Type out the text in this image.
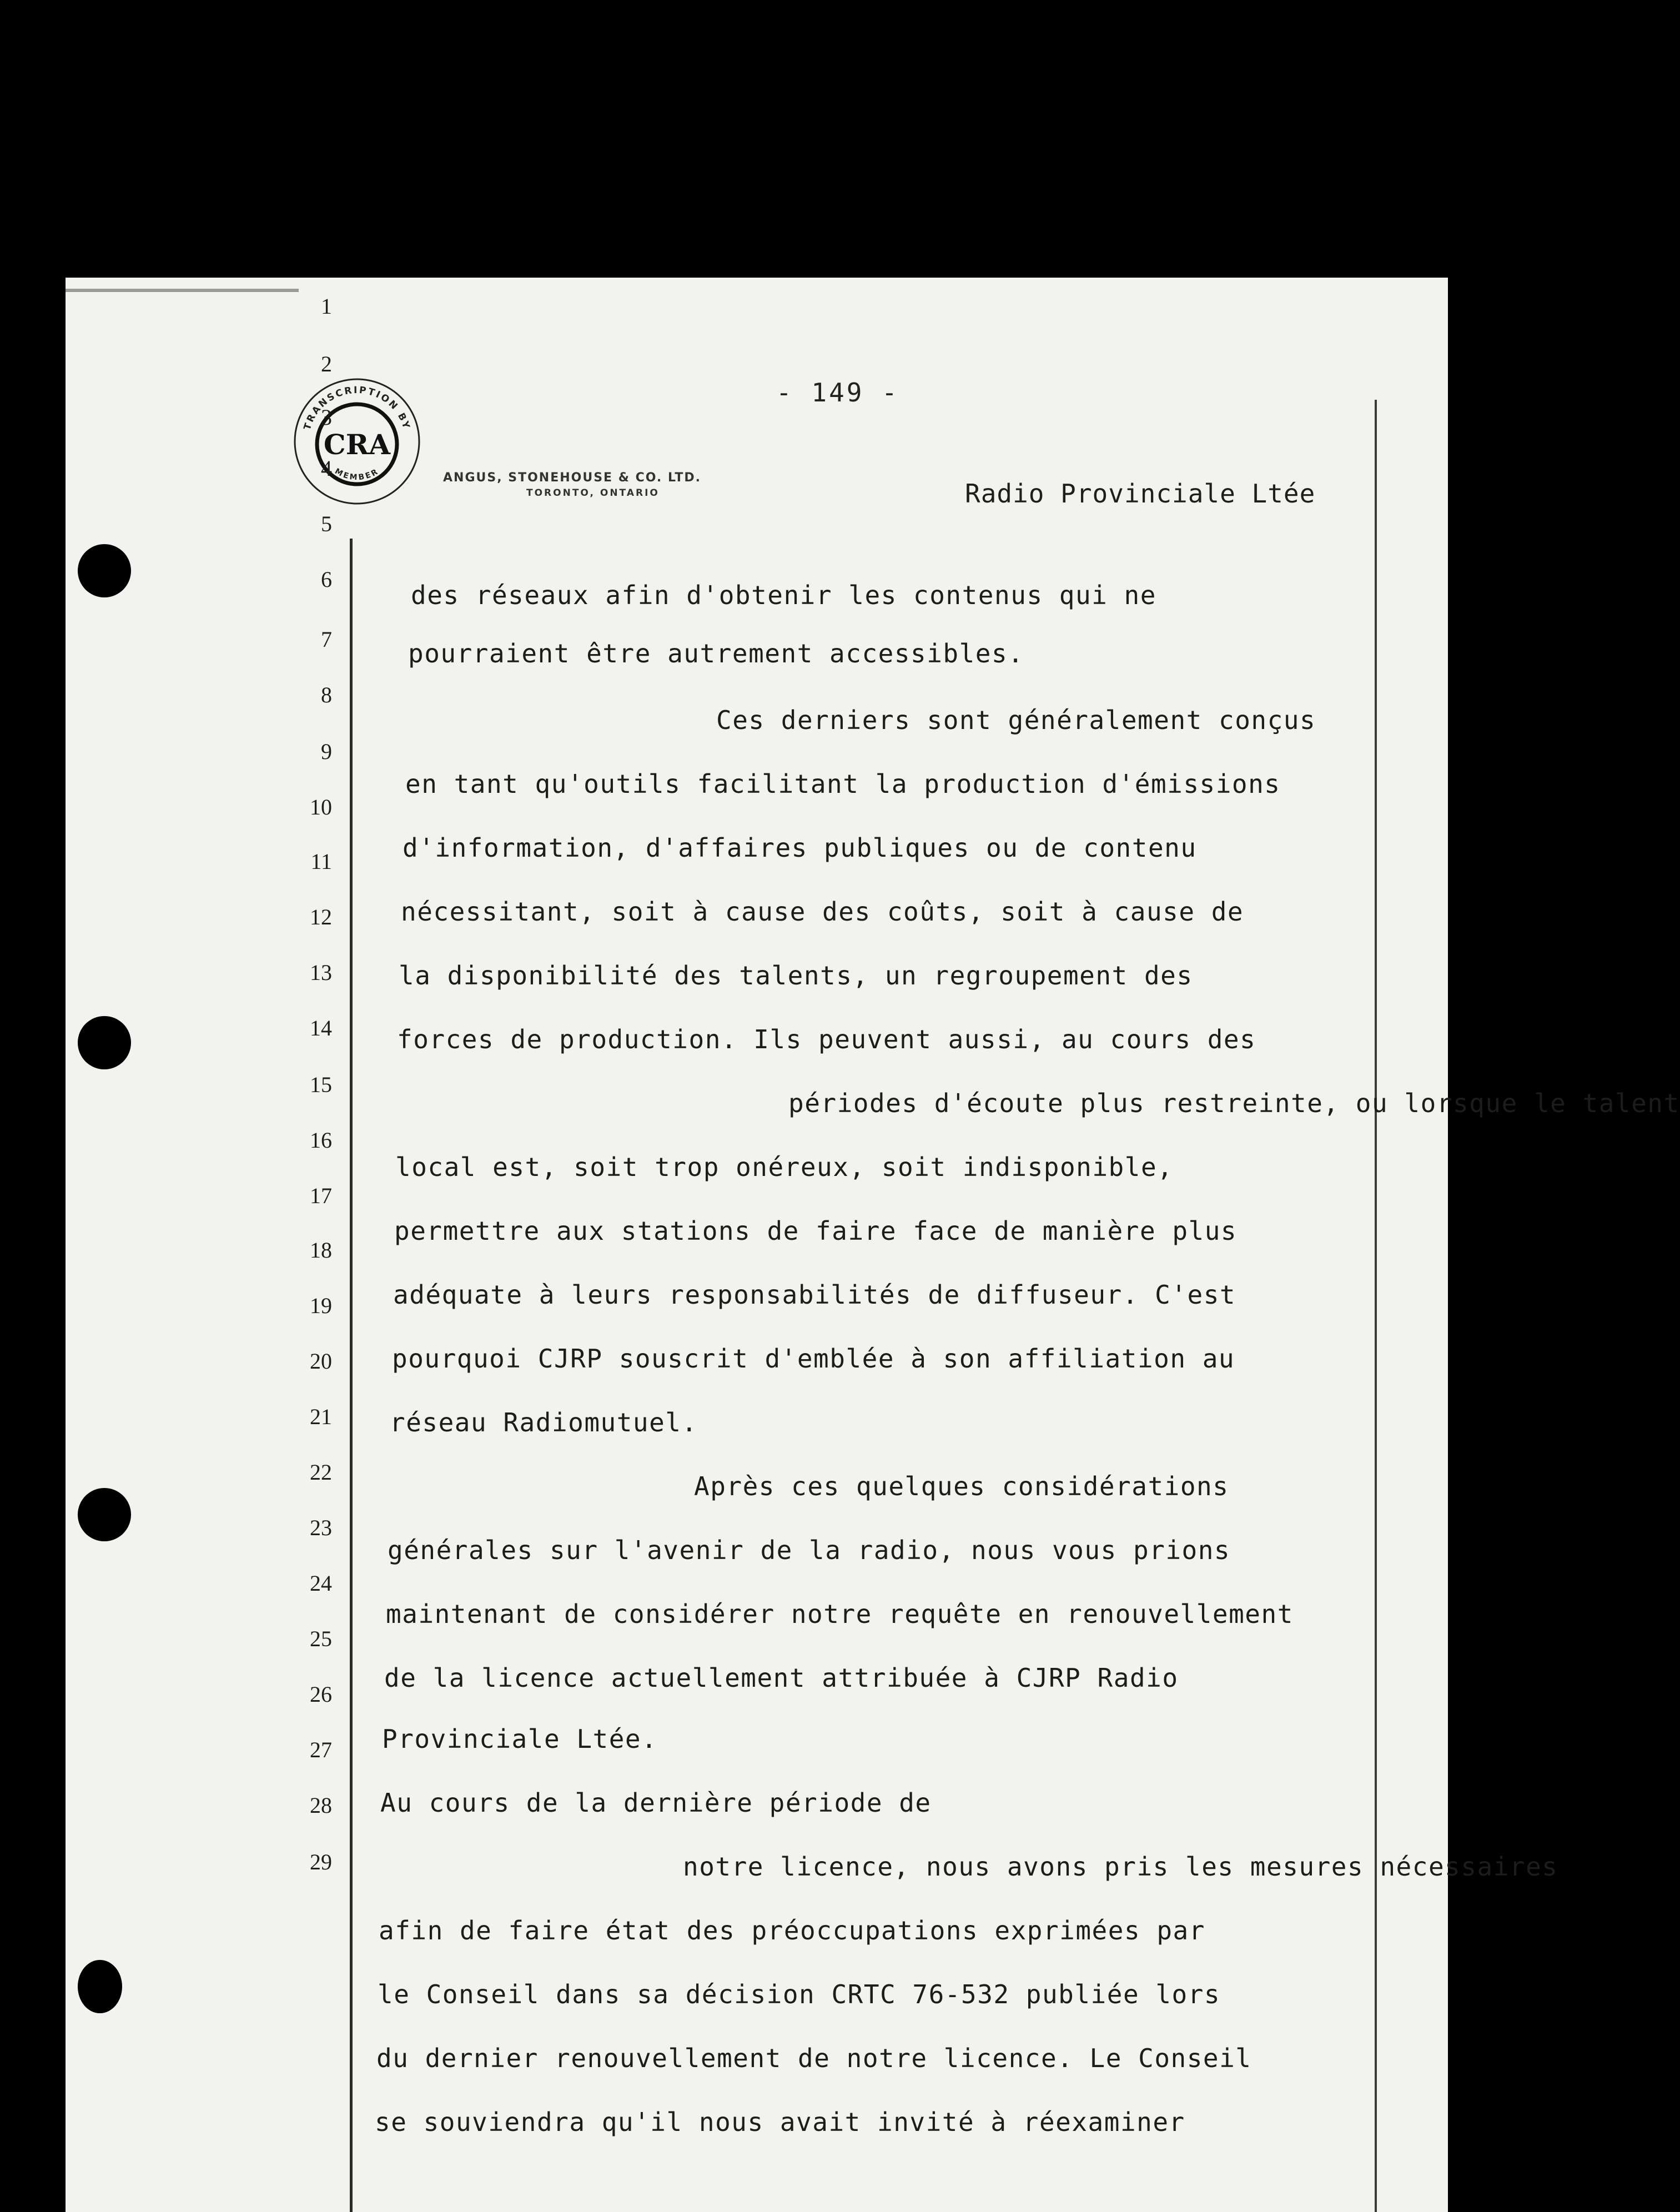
- 149 -
TRANSCRIPTION BY
MEMBER
CRA
ANGUS, STONEHOUSE & CO. LTD.
TORONTO, ONTARIO	Radio Provinciale Ltée
1
2
3
4
5
6
7
8
9
10
11
12
13
14
15
16
17
18
19
20
21
22
23
24
25
26
27
28
29
des réseaux afin d'obtenir les contenus qui ne
pourraient être autrement accessibles.
Ces derniers sont généralement conçus
en tant qu'outils facilitant la production d'émissions
d'information, d'affaires publiques ou de contenu
nécessitant, soit à cause des coûts, soit à cause de
la disponibilité des talents, un regroupement des
forces de production. Ils peuvent aussi, au cours des
périodes d'écoute plus restreinte, ou lorsque le talent
local est, soit trop onéreux, soit indisponible,
permettre aux stations de faire face de manière plus
adéquate à leurs responsabilités de diffuseur. C'est
pourquoi CJRP souscrit d'emblée à son affiliation au
réseau Radiomutuel.
Après ces quelques considérations
générales sur l'avenir de la radio, nous vous prions
maintenant de considérer notre requête en renouvellement
de la licence actuellement attribuée à CJRP Radio
Provinciale Ltée.
Au cours de la dernière période de
notre licence, nous avons pris les mesures nécessaires
afin de faire état des préoccupations exprimées par
le Conseil dans sa décision CRTC 76-532 publiée lors
du dernier renouvellement de notre licence. Le Conseil
se souviendra qu'il nous avait invité à réexaminer
